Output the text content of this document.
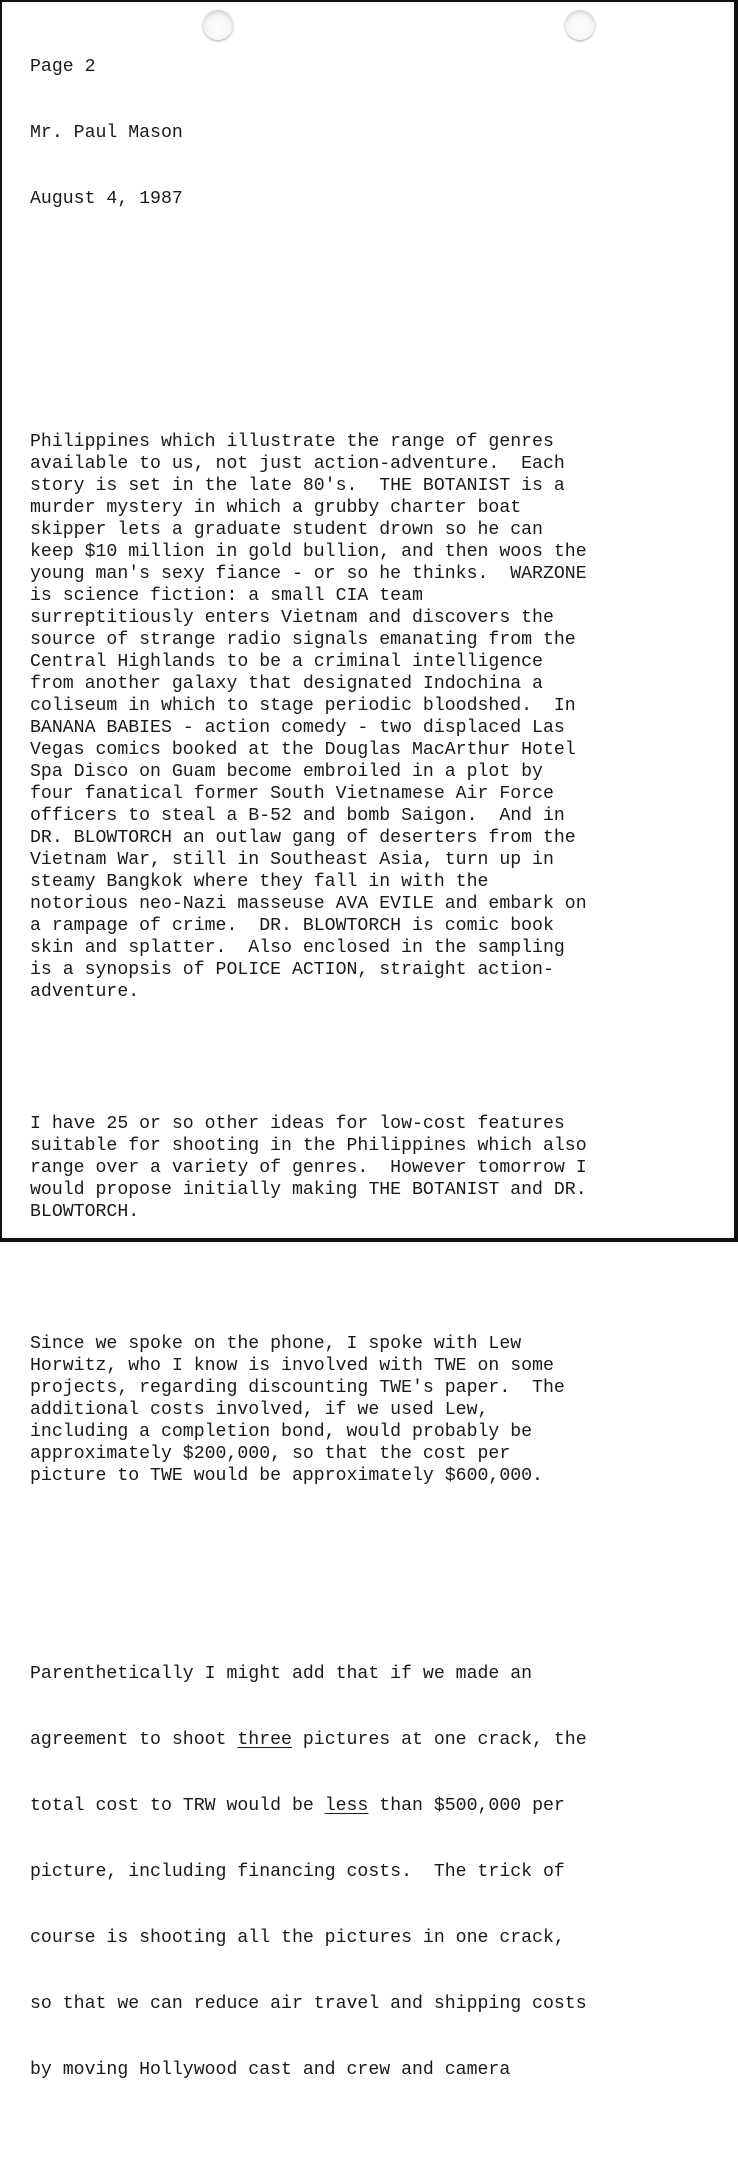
Page 2

Mr. Paul Mason

August 4, 1987

Philippines which illustrate the range of genres
available to us, not just action-adventure.  Each
story is set in the late 80's.  THE BOTANIST is a
murder mystery in which a grubby charter boat
skipper lets a graduate student drown so he can
keep $10 million in gold bullion, and then woos the
young man's sexy fiance - or so he thinks.  WARZONE
is science fiction: a small CIA team
surreptitiously enters Vietnam and discovers the
source of strange radio signals emanating from the
Central Highlands to be a criminal intelligence
from another galaxy that designated Indochina a
coliseum in which to stage periodic bloodshed.  In
BANANA BABIES - action comedy - two displaced Las
Vegas comics booked at the Douglas MacArthur Hotel
Spa Disco on Guam become embroiled in a plot by
four fanatical former South Vietnamese Air Force
officers to steal a B-52 and bomb Saigon.  And in
DR. BLOWTORCH an outlaw gang of deserters from the
Vietnam War, still in Southeast Asia, turn up in
steamy Bangkok where they fall in with the
notorious neo-Nazi masseuse AVA EVILE and embark on
a rampage of crime.  DR. BLOWTORCH is comic book
skin and splatter.  Also enclosed in the sampling
is a synopsis of POLICE ACTION, straight action-
adventure.

I have 25 or so other ideas for low-cost features
suitable for shooting in the Philippines which also
range over a variety of genres.  However tomorrow I
would propose initially making THE BOTANIST and DR.
BLOWTORCH.

Since we spoke on the phone, I spoke with Lew
Horwitz, who I know is involved with TWE on some
projects, regarding discounting TWE's paper.  The
additional costs involved, if we used Lew,
including a completion bond, would probably be
approximately $200,000, so that the cost per
picture to TWE would be approximately $600,000.

Parenthetically I might add that if we made an

agreement to shoot three pictures at one crack, the

total cost to TRW would be less than $500,000 per

picture, including financing costs.  The trick of

course is shooting all the pictures in one crack,

so that we can reduce air travel and shipping costs

by moving Hollywood cast and crew and camera
